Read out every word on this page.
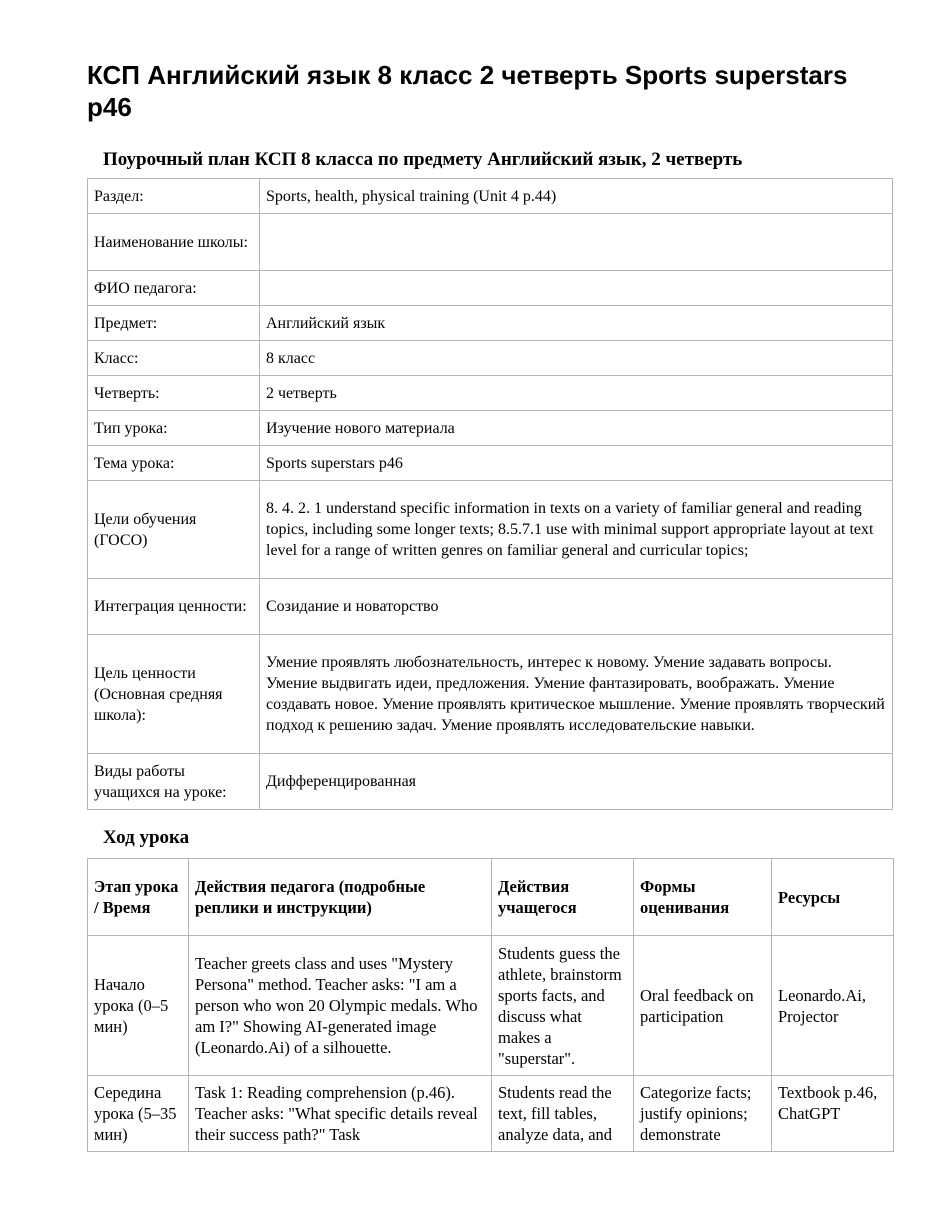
КСП Английский язык 8 класс 2 четверть Sports superstars p46
Поурочный план КСП 8 класса по предмету Английский язык, 2 четверть
Раздел:	Sports, health, physical training (Unit 4 p.44)
Наименование школы:	
ФИО педагога:	
Предмет:	Английский язык
Класс:	8 класс
Четверть:	2 четверть
Тип урока:	Изучение нового материала
Тема урока:	Sports superstars p46
Цели обучения (ГОСО)	8. 4. 2. 1 understand specific information in texts on a variety of familiar general and reading topics, including some longer texts; 8.5.7.1 use with minimal support appropriate layout at text level for a range of written genres on familiar general and curricular topics;
Интеграция ценности:	Созидание и новаторство
Цель ценности (Основная средняя школа):	Умение проявлять любознательность, интерес к новому. Умение задавать вопросы. Умение выдвигать идеи, предложения. Умение фантазировать, воображать. Умение создавать новое. Умение проявлять критическое мышление. Умение проявлять творческий подход к решению задач. Умение проявлять исследовательские навыки.
Виды работы учащихся на уроке:	Дифференцированная
Ход урока
Этап урока / Время	Действия педагога (подробные реплики и инструкции)	Действия учащегося	Формы оценивания	Ресурсы
Начало урока (0–5 мин)	Teacher greets class and uses "Mystery Persona" method. Teacher asks: "I am a person who won 20 Olympic medals. Who am I?" Showing AI-generated image (Leonardo.Ai) of a silhouette.	Students guess the athlete, brainstorm sports facts, and discuss what makes a "superstar".	Oral feedback on participation	Leonardo.Ai, Projector
Середина урока (5–35 мин)	Task 1: Reading comprehension (p.46). Teacher asks: "What specific details reveal their success path?" Task	Students read the text, fill tables, analyze data, and	Categorize facts; justify opinions; demonstrate	Textbook p.46, ChatGPT
